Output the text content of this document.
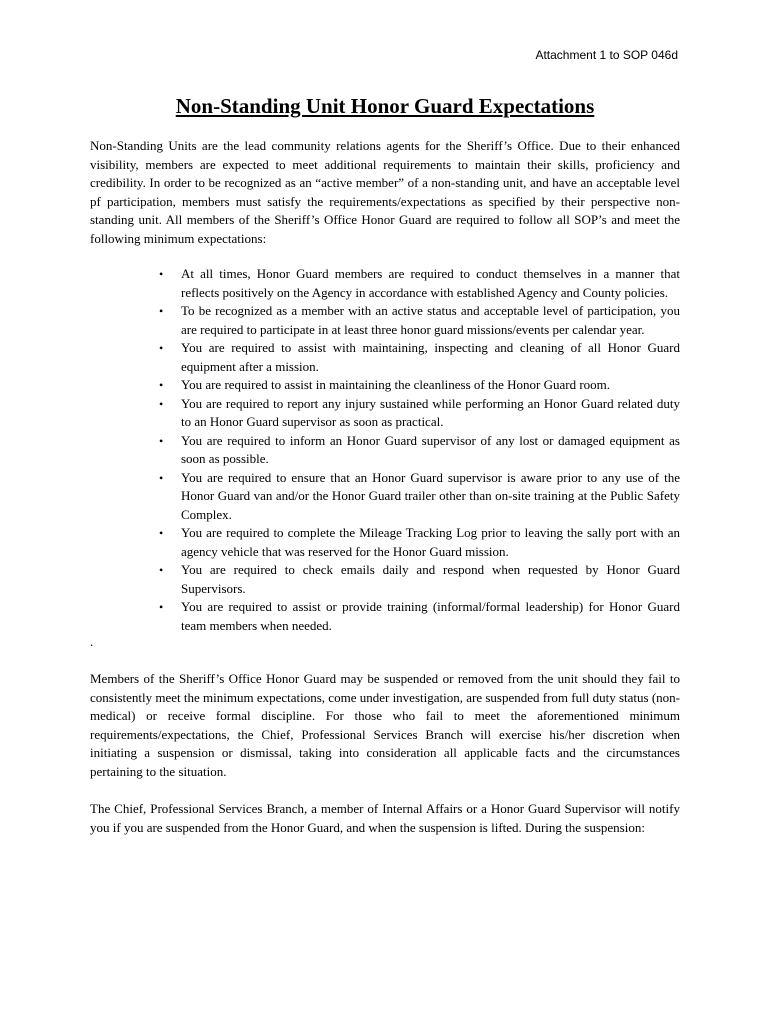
Attachment 1 to SOP 046d
Non-Standing Unit Honor Guard Expectations

Non-Standing Units are the lead community relations agents for the Sheriff’s Office. Due to their enhanced visibility, members are expected to meet additional requirements to maintain their skills, proficiency and credibility. In order to be recognized as an “active member” of a non-standing unit, and have an acceptable level pf participation, members must satisfy the requirements/expectations as specified by their perspective non-standing unit. All members of the Sheriff’s Office Honor Guard are required to follow all SOP’s and meet the following minimum expectations:

• At all times, Honor Guard members are required to conduct themselves in a manner that reflects positively on the Agency in accordance with established Agency and County policies.
• To be recognized as a member with an active status and acceptable level of participation, you are required to participate in at least three honor guard missions/events per calendar year.
• You are required to assist with maintaining, inspecting and cleaning of all Honor Guard equipment after a mission.
• You are required to assist in maintaining the cleanliness of the Honor Guard room.
• You are required to report any injury sustained while performing an Honor Guard related duty to an Honor Guard supervisor as soon as practical.
• You are required to inform an Honor Guard supervisor of any lost or damaged equipment as soon as possible.
• You are required to ensure that an Honor Guard supervisor is aware prior to any use of the Honor Guard van and/or the Honor Guard trailer other than on-site training at the Public Safety Complex.
• You are required to complete the Mileage Tracking Log prior to leaving the sally port with an agency vehicle that was reserved for the Honor Guard mission.
• You are required to check emails daily and respond when requested by Honor Guard Supervisors.
• You are required to assist or provide training (informal/formal leadership) for Honor Guard team members when needed.
.

Members of the Sheriff’s Office Honor Guard may be suspended or removed from the unit should they fail to consistently meet the minimum expectations, come under investigation, are suspended from full duty status (non-medical) or receive formal discipline. For those who fail to meet the aforementioned minimum requirements/expectations, the Chief, Professional Services Branch will exercise his/her discretion when initiating a suspension or dismissal, taking into consideration all applicable facts and the circumstances pertaining to the situation.

The Chief, Professional Services Branch, a member of Internal Affairs or a Honor Guard Supervisor will notify you if you are suspended from the Honor Guard, and when the suspension is lifted. During the suspension:
